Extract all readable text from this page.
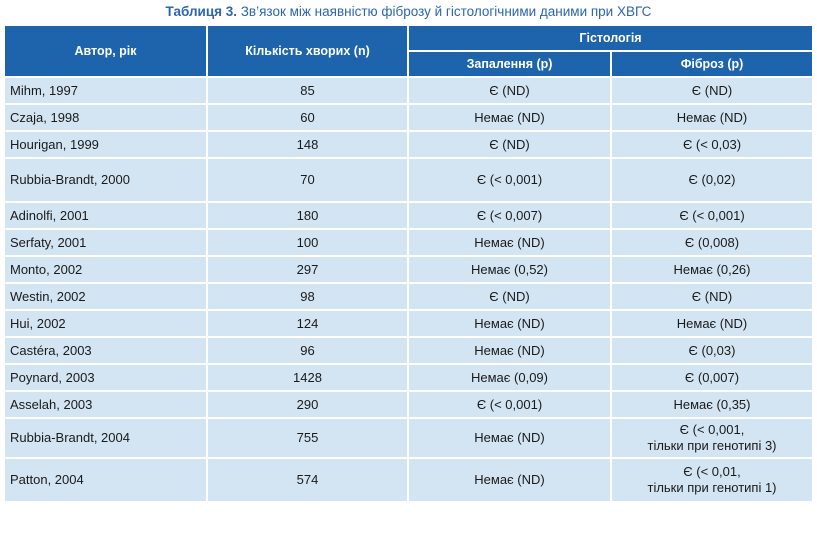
Таблиця 3. Зв’язок між наявністю фіброзу й гістологічними даними при ХВГС
Автор, рік	Кількість хворих (n)	Гістологія	
		Запалення (p)	Фіброз (p)
Mihm, 1997	85	Є (ND)	Є (ND)

Czaja, 1998	60	Немає (ND)	Немає (ND)

Hourigan, 1999	148	Є (ND)	Є (< 0,03)

Rubbia-Brandt, 2000	70	Є (< 0,001)	Є (0,02)

Adinolfi, 2001	180	Є (< 0,007)	Є (< 0,001)

Serfaty, 2001	100	Немає (ND)	Є (0,008)

Monto, 2002	297	Немає (0,52)	Немає (0,26)

Westin, 2002	98	Є (ND)	Є (ND)

Hui, 2002	124	Немає (ND)	Немає (ND)

Castéra, 2003	96	Немає (ND)	Є (0,03)

Poynard, 2003	1428	Немає (0,09)	Є (0,007)

Asselah, 2003	290	Є (< 0,001)	Немає (0,35)

Rubbia-Brandt, 2004	755	Немає (ND)	Є (< 0,001,
тільки при генотипі 3)

Patton, 2004	574	Немає (ND)	Є (< 0,01,
тільки при генотипі 1)
